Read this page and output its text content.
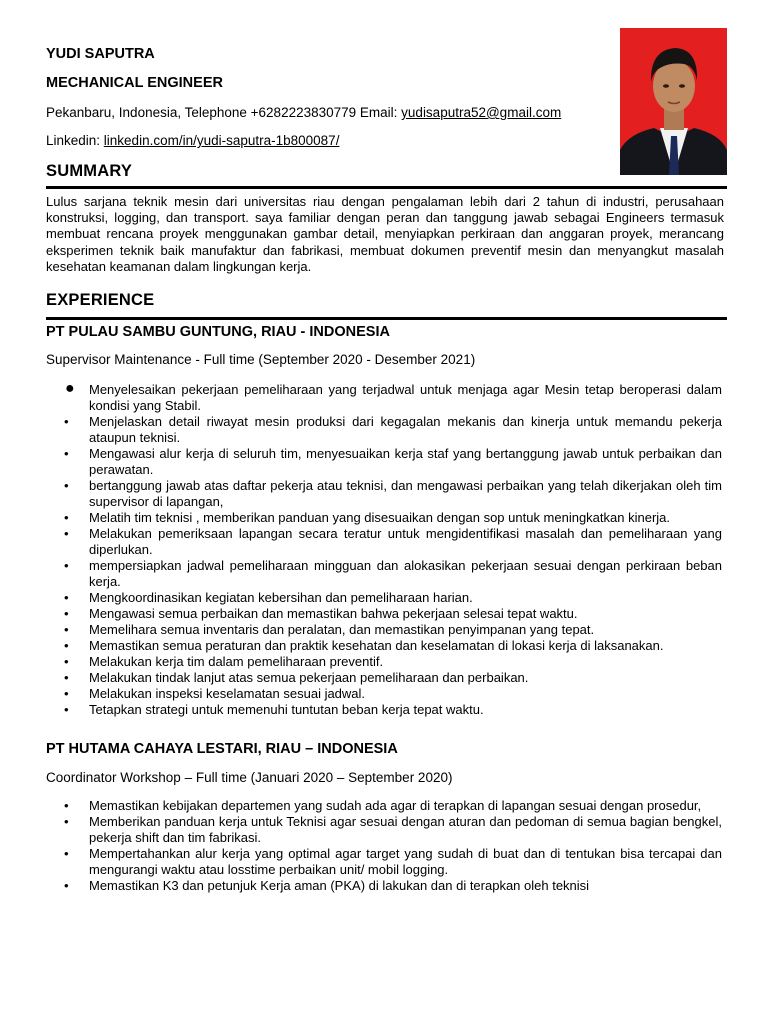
YUDI SAPUTRA
MECHANICAL ENGINEER
Pekanbaru, Indonesia, Telephone +6282223830779 Email: yudisaputra52@gmail.com
Linkedin: linkedin.com/in/yudi-saputra-1b800087/
SUMMARY
Lulus sarjana teknik mesin dari universitas riau dengan pengalaman lebih dari 2 tahun di industri, perusahaan konstruksi, logging, dan transport. saya familiar dengan peran dan tanggung jawab sebagai Engineers termasuk membuat rencana proyek menggunakan gambar detail, menyiapkan perkiraan dan anggaran proyek, merancang eksperimen teknik baik manufaktur dan fabrikasi, membuat dokumen preventif mesin dan menyangkut masalah kesehatan keamanan dalam lingkungan kerja.
EXPERIENCE
PT PULAU SAMBU GUNTUNG, RIAU - INDONESIA
Supervisor Maintenance - Full time (September 2020 - Desember 2021)
● Menyelesaikan pekerjaan pemeliharaan yang terjadwal untuk menjaga agar Mesin tetap beroperasi dalam kondisi yang Stabil.
• Menjelaskan detail riwayat mesin produksi dari kegagalan mekanis dan kinerja untuk memandu pekerja ataupun teknisi.
• Mengawasi alur kerja di seluruh tim, menyesuaikan kerja staf yang bertanggung jawab untuk perbaikan dan perawatan.
• bertanggung jawab atas daftar pekerja atau teknisi, dan mengawasi perbaikan yang telah dikerjakan oleh tim supervisor di lapangan,
• Melatih tim teknisi , memberikan panduan yang disesuaikan dengan sop untuk meningkatkan kinerja.
• Melakukan pemeriksaan lapangan secara teratur untuk mengidentifikasi masalah dan pemeliharaan yang diperlukan.
• mempersiapkan jadwal pemeliharaan mingguan dan alokasikan pekerjaan sesuai dengan perkiraan beban kerja.
• Mengkoordinasikan kegiatan kebersihan dan pemeliharaan harian.
• Mengawasi semua perbaikan dan memastikan bahwa pekerjaan selesai tepat waktu.
• Memelihara semua inventaris dan peralatan, dan memastikan penyimpanan yang tepat.
• Memastikan semua peraturan dan praktik kesehatan dan keselamatan di lokasi kerja di laksanakan.
• Melakukan kerja tim dalam pemeliharaan preventif.
• Melakukan tindak lanjut atas semua pekerjaan pemeliharaan dan perbaikan.
• Melakukan inspeksi keselamatan sesuai jadwal.
• Tetapkan strategi untuk memenuhi tuntutan beban kerja tepat waktu.
PT HUTAMA CAHAYA LESTARI, RIAU – INDONESIA
Coordinator Workshop – Full time (Januari 2020 – September 2020)
• Memastikan kebijakan departemen yang sudah ada agar di terapkan di lapangan sesuai dengan prosedur,
• Memberikan panduan kerja untuk Teknisi agar sesuai dengan aturan dan pedoman di semua bagian bengkel, pekerja shift dan tim fabrikasi.
• Mempertahankan alur kerja yang optimal agar target yang sudah di buat dan di tentukan bisa tercapai dan mengurangi waktu atau losstime perbaikan unit/ mobil logging.
• Memastikan K3 dan petunjuk Kerja aman (PKA) di lakukan dan di terapkan oleh teknisi
